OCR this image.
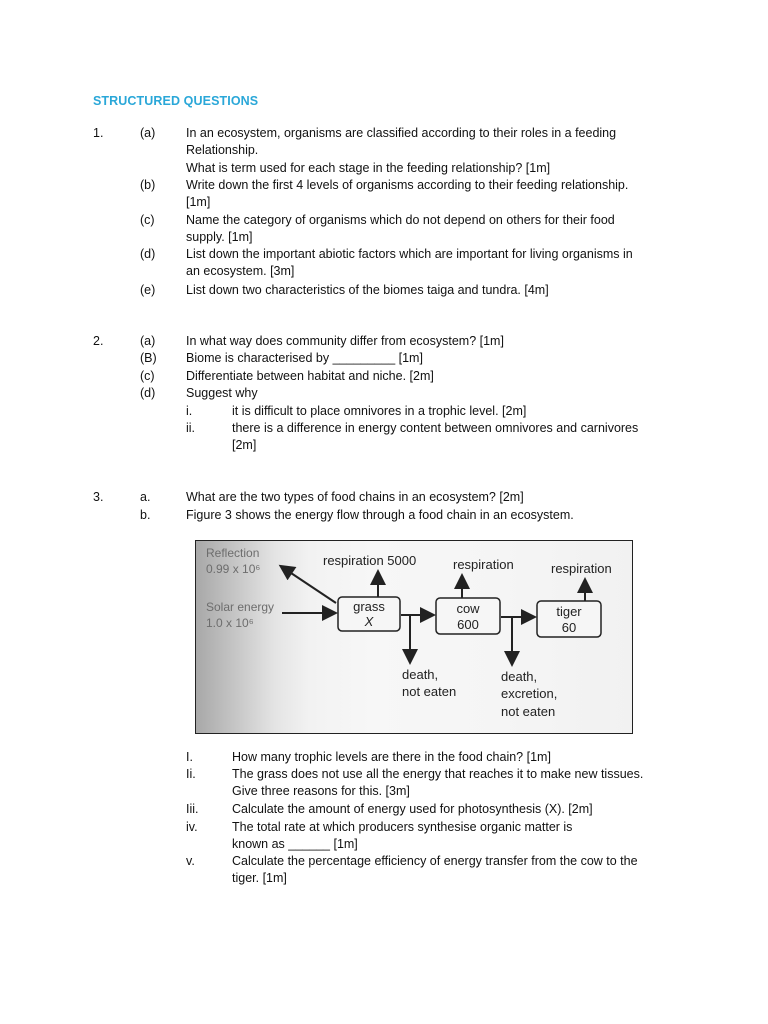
STRUCTURED QUESTIONS
1.	(a) In an ecosystem, organisms are classified according to their roles in a feeding
Relationship.
What is term used for each stage in the feeding relationship? [1m]
(b) Write down the first 4 levels of organisms according to their feeding relationship.
[1m]
(c)	Name the category of organisms which do not depend on others for their food
supply. [1m]
(d) List down the important abiotic factors which are important for living organisms in
an ecosystem. [3m]
(e) List down two characteristics of the biomes taiga and tundra. [4m]
2.	(a) In what way does community differ from ecosystem? [1m]
(B) Biome is characterised by _________ [1m]
(c)	Differentiate between habitat and niche. [2m]
(d) Suggest why
i.	it is difficult to place omnivores in a trophic level. [2m]
ii.	there is a difference in energy content between omnivores and carnivores
[2m]
3.	a.	What are the two types of food chains in an ecosystem? [2m]
b.	Figure 3 shows the energy flow through a food chain in an ecosystem.
Reflection
0.99 x 10⁶
Solar energy
1.0 x 10⁶
grass
X
cow
600
tiger
60
respiration 5000	respiration	respiration
death,
not eaten
death,
excretion,
not eaten
I.	How many trophic levels are there in the food chain? [1m]
Ii.	The grass does not use all the energy that reaches it to make new tissues.
Give three reasons for this. [3m]
Iii.	Calculate the amount of energy used for photosynthesis (X). [2m]
iv.	The total rate at which producers synthesise organic matter is
known as ______ [1m]
v.	Calculate the percentage efficiency of energy transfer from the cow to the
tiger. [1m]
